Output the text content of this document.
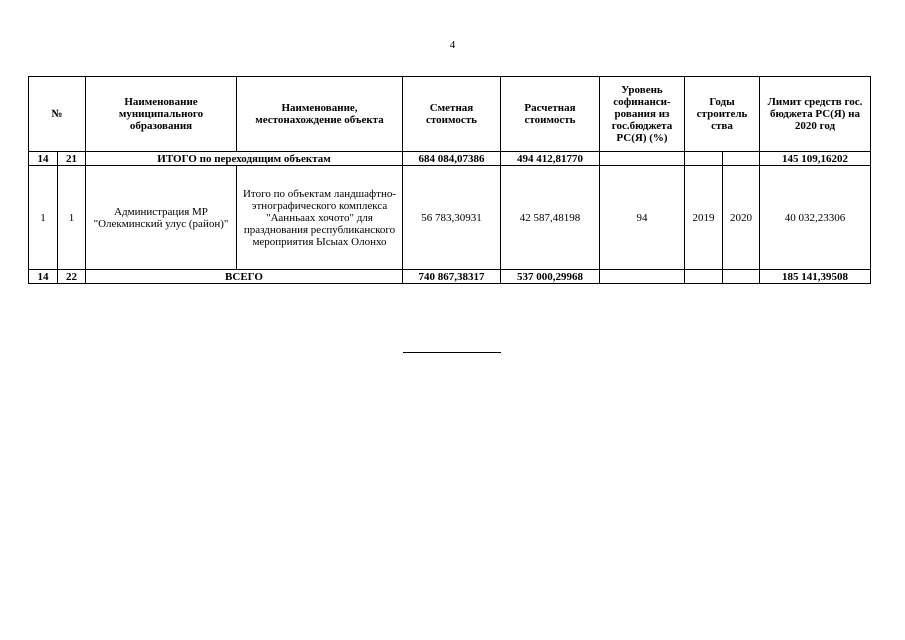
4
№		Наименование муниципального образования	Наименование, местонахождение объекта	Сметная стоимость	Расчетная стоимость	Уровень софинанси-рования из гос.бюджета РС(Я) (%)	Годы строитель ства		Лимит средств гос. бюджета РС(Я) на 2020 год
14	21	ИТОГО по переходящим объектам		684 084,07386	494 412,81770				145 109,16202
1	1	Администрация МР "Олекминский улус (район)"	Итого по объектам ландшафтно-этнографического комплекса "Аанньаах хочото" для празднования республиканского мероприятия Ысыах Олонхо	56 783,30931	42 587,48198	94	2019	2020	40 032,23306
14	22	ВСЕГО		740 867,38317	537 000,29968				185 141,39508
